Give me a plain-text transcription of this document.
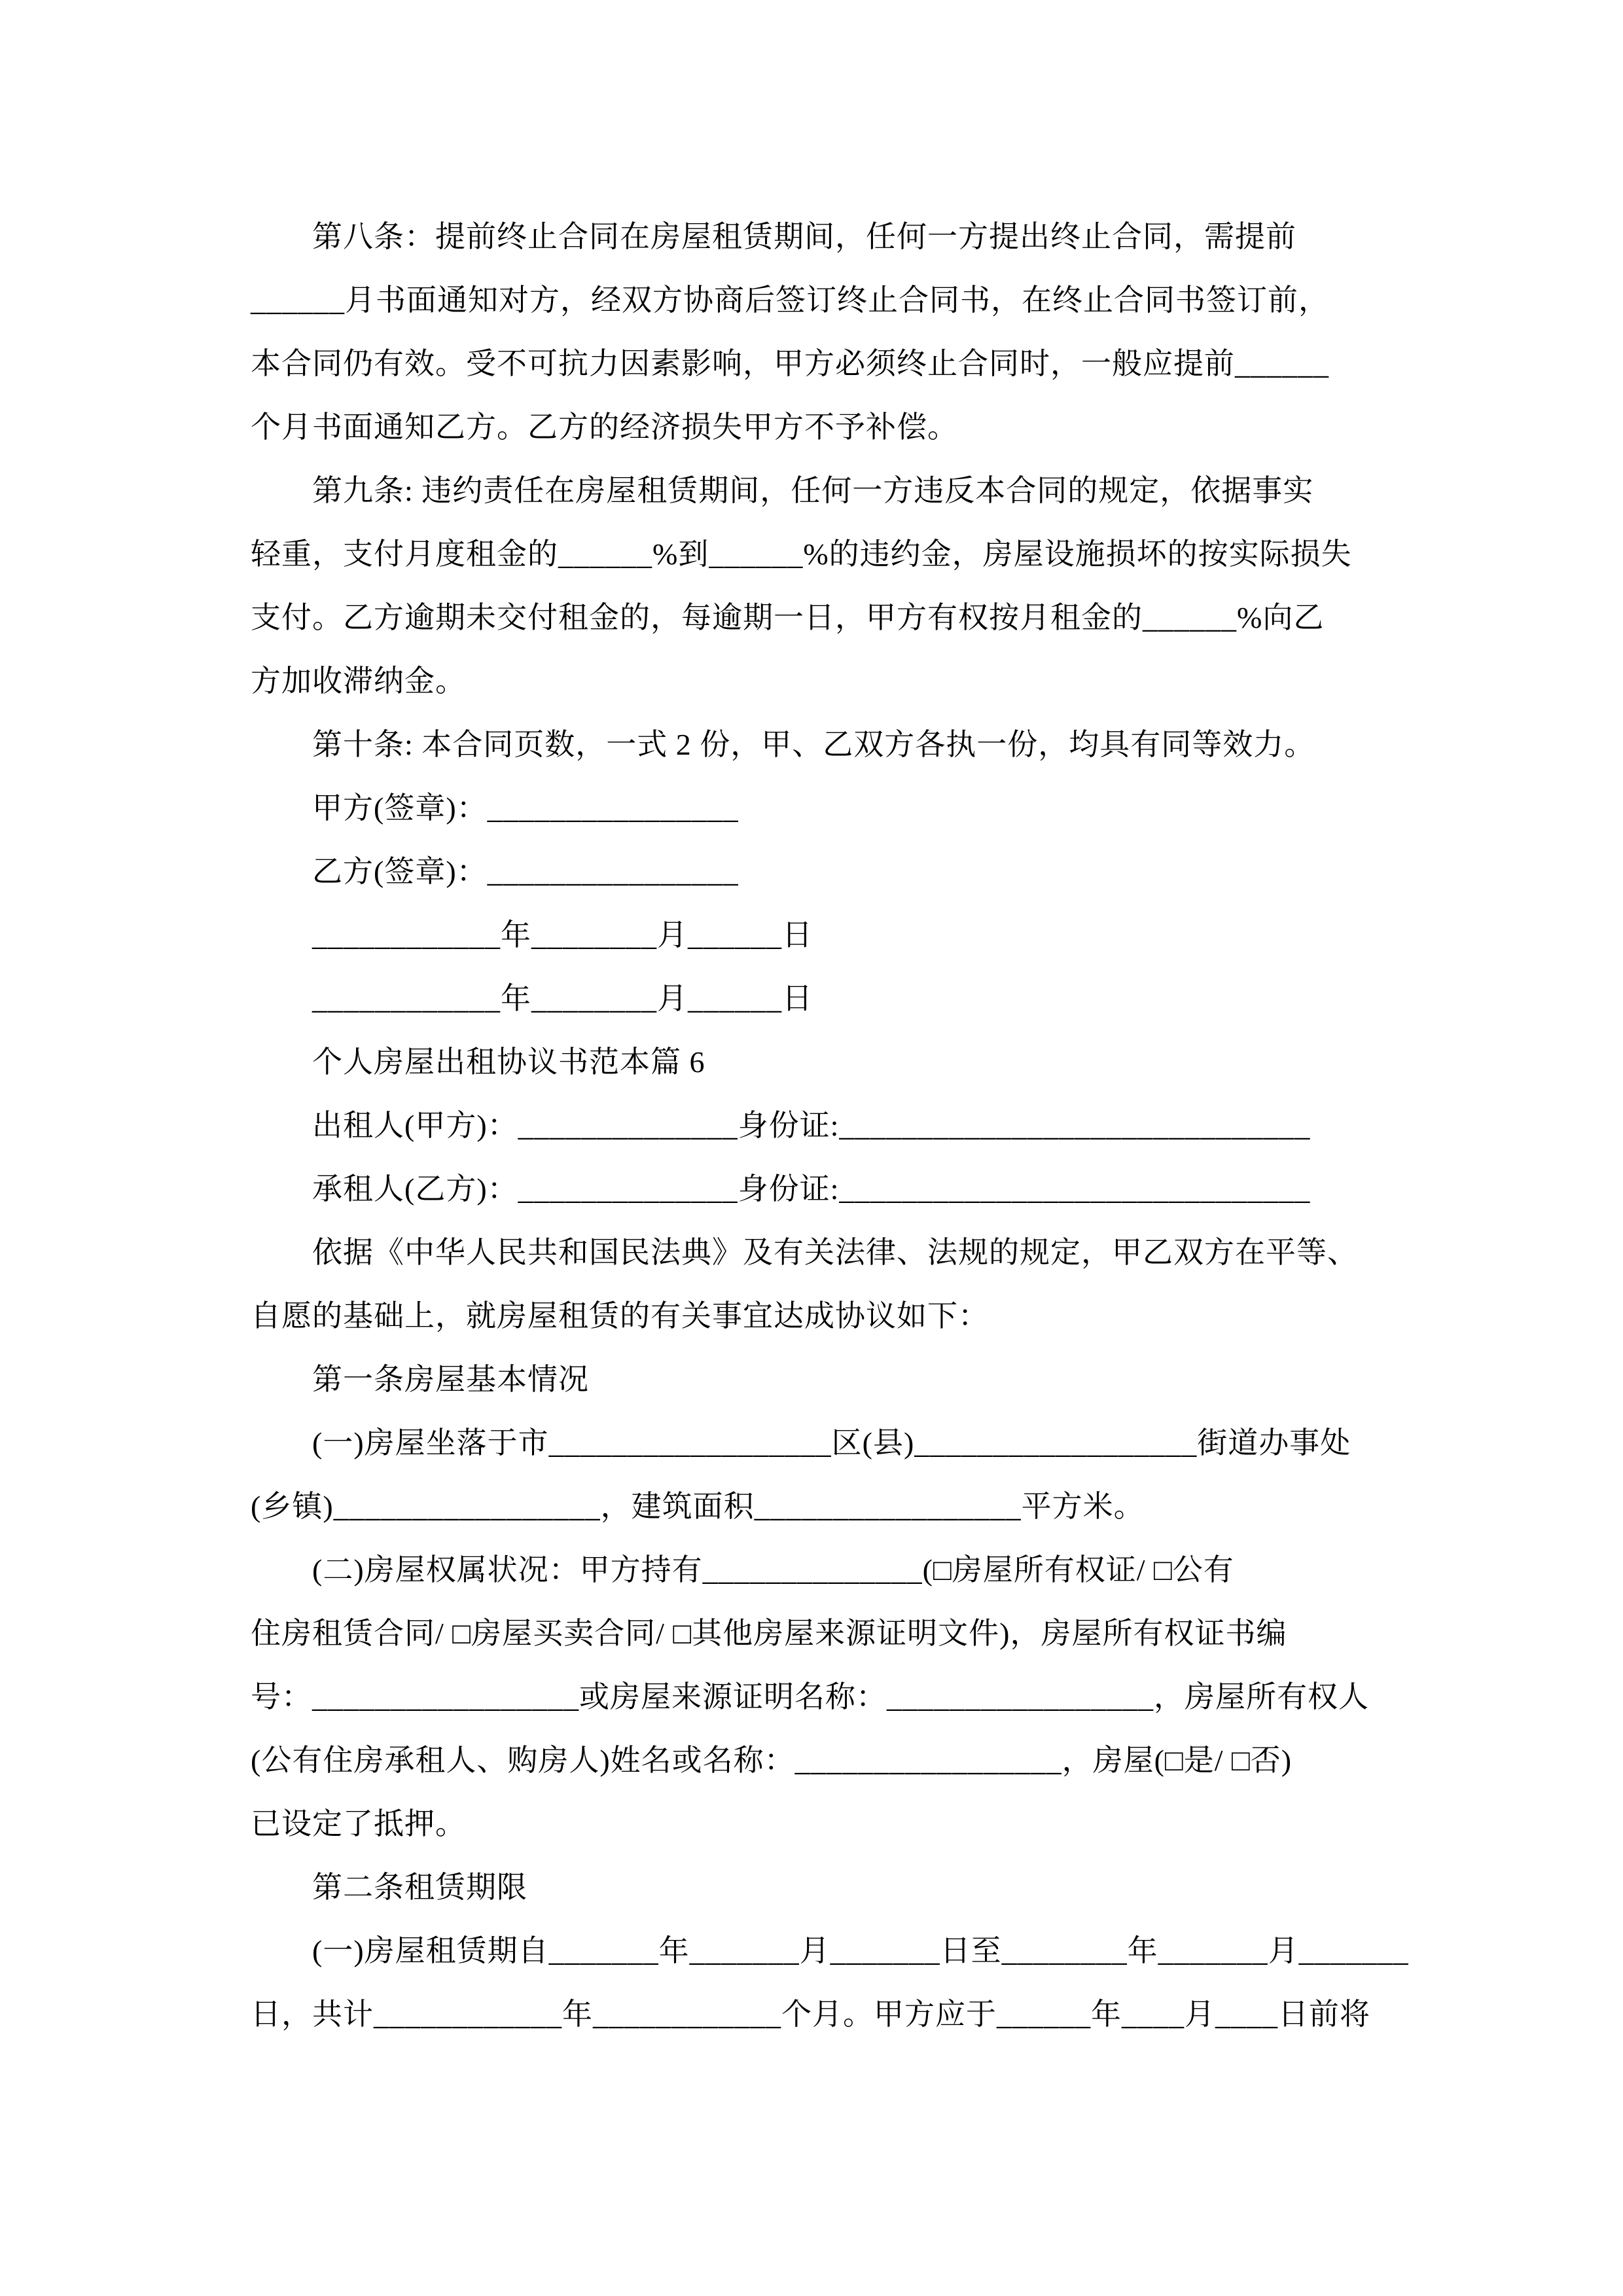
第八条：提前终止合同在房屋租赁期间，任何一方提出终止合同，需提前
______月书面通知对方，经双方协商后签订终止合同书，在终止合同书签订前，
本合同仍有效。受不可抗力因素影响，甲方必须终止合同时，一般应提前______
个月书面通知乙方。乙方的经济损失甲方不予补偿。
第九条: 违约责任在房屋租赁期间，任何一方违反本合同的规定，依据事实
轻重，支付月度租金的______%到______%的违约金，房屋设施损坏的按实际损失
支付。乙方逾期未交付租金的，每逾期一日，甲方有权按月租金的______%向乙
方加收滞纳金。
第十条: 本合同页数，一式 2 份，甲、乙双方各执一份，均具有同等效力。
甲方(签章)：________________
乙方(签章)：________________
____________年________月______日
____________年________月______日
个人房屋出租协议书范本篇 6
出租人(甲方)：______________身份证:______________________________
承租人(乙方)：______________身份证:______________________________
依据《中华人民共和国民法典》及有关法律、法规的规定，甲乙双方在平等、
自愿的基础上，就房屋租赁的有关事宜达成协议如下：
第一条房屋基本情况
(一)房屋坐落于市__________________区(县)__________________街道办事处
(乡镇)_________________，建筑面积_________________平方米。
(二)房屋权属状况：甲方持有______________(□房屋所有权证/ □公有
住房租赁合同/ □房屋买卖合同/ □其他房屋来源证明文件)，房屋所有权证书编
号：_________________或房屋来源证明名称：_________________，房屋所有权人
(公有住房承租人、购房人)姓名或名称：_________________，房屋(□是/ □否)
已设定了抵押。
第二条租赁期限
(一)房屋租赁期自_______年_______月_______日至________年_______月_______
日，共计____________年____________个月。甲方应于______年____月____日前将
